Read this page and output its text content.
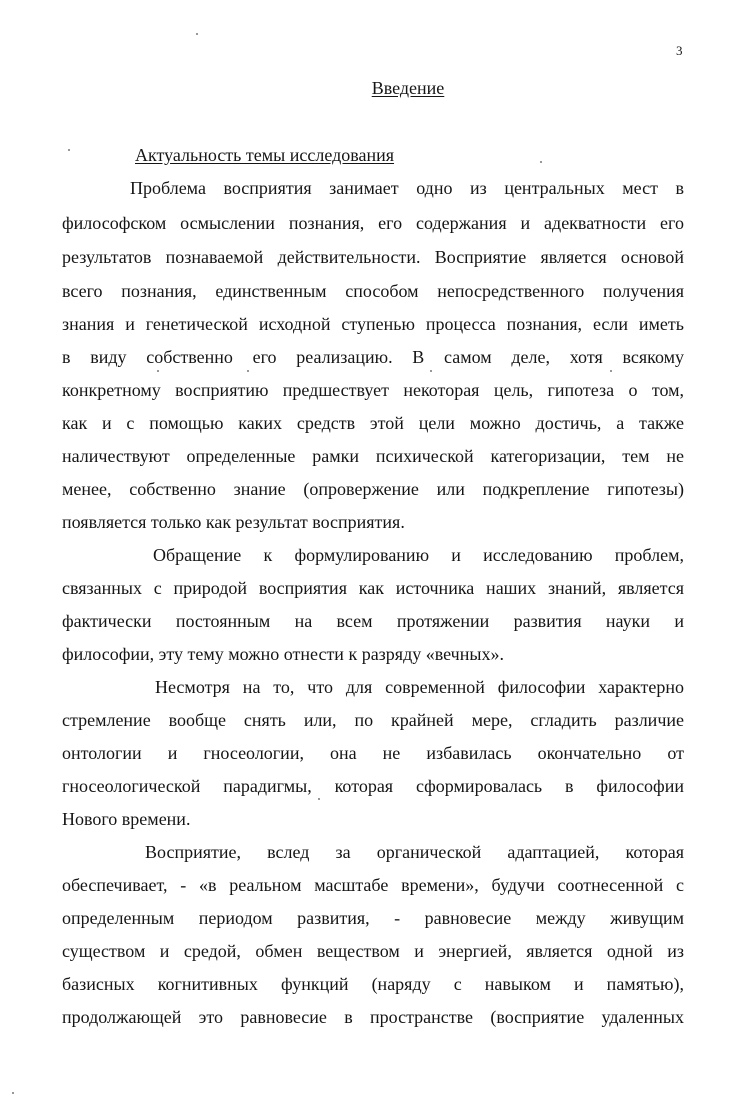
3
Введение
Актуальность темы исследования
Проблема восприятия занимает одно из центральных мест в
философском осмыслении познания, его содержания и адекватности его
результатов познаваемой действительности. Восприятие является основой
всего познания, единственным способом непосредственного получения
знания и генетической исходной ступенью процесса познания, если иметь
в виду собственно его реализацию. В самом деле, хотя всякому
конкретному восприятию предшествует некоторая цель, гипотеза о том,
как и с помощью каких средств этой цели можно достичь, а также
наличествуют определенные рамки психической категоризации, тем не
менее, собственно знание (опровержение или подкрепление гипотезы)
появляется только как результат восприятия.
Обращение к формулированию и исследованию проблем,
связанных с природой восприятия как источника наших знаний, является
фактически постоянным на всем протяжении развития науки и
философии, эту тему можно отнести к разряду «вечных».
Несмотря на то, что для современной философии характерно
стремление вообще снять или, по крайней мере, сгладить различие
онтологии и гносеологии, она не избавилась окончательно от
гносеологической парадигмы, которая сформировалась в философии
Нового времени.
Восприятие, вслед за органической адаптацией, которая
обеспечивает, - «в реальном масштабе времени», будучи соотнесенной с
определенным периодом развития, - равновесие между живущим
существом и средой, обмен веществом и энергией, является одной из
базисных когнитивных функций (наряду с навыком и памятью),
продолжающей это равновесие в пространстве (восприятие удаленных
